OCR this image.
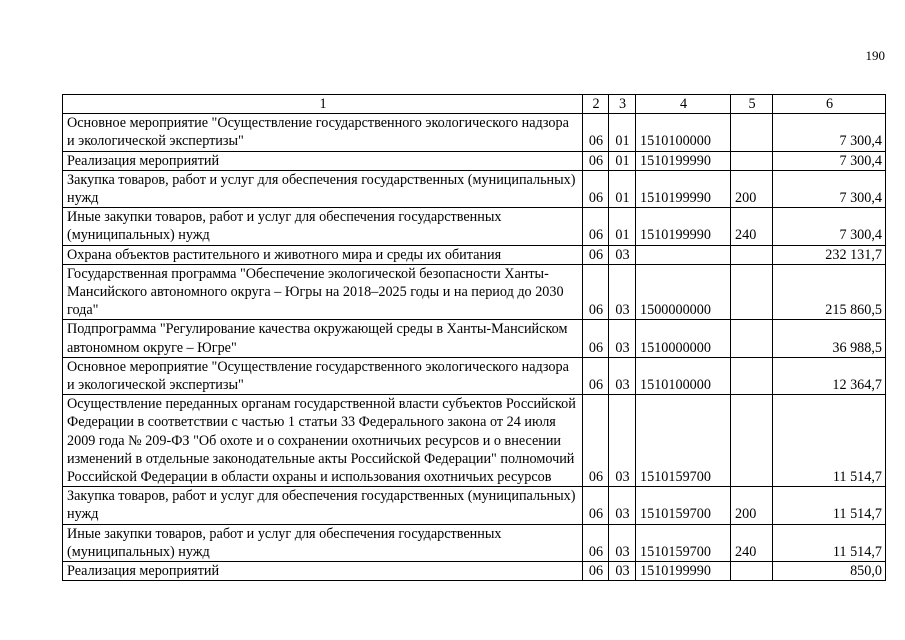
190
1	2	3	4	5	6
Основное мероприятие "Осуществление государственного экологического надзора и экологической экспертизы"	06	01	1510100000		7 300,4
Реализация мероприятий	06	01	1510199990		7 300,4
Закупка товаров, работ и услуг для обеспечения государственных (муниципальных) нужд	06	01	1510199990	200	7 300,4
Иные закупки товаров, работ и услуг для обеспечения государственных (муниципальных) нужд	06	01	1510199990	240	7 300,4
Охрана объектов растительного и животного мира и среды их обитания	06	03			232 131,7
Государственная программа "Обеспечение экологической безопасности Ханты-Мансийского автономного округа – Югры на 2018–2025 годы и на период до 2030 года"	06	03	1500000000		215 860,5
Подпрограмма "Регулирование качества окружающей среды в Ханты-Мансийском автономном округе – Югре"	06	03	1510000000		36 988,5
Основное мероприятие "Осуществление государственного экологического надзора и экологической экспертизы"	06	03	1510100000		12 364,7
Осуществление переданных органам государственной власти субъектов Российской Федерации в соответствии с частью 1 статьи 33 Федерального закона от 24 июля 2009 года № 209-ФЗ "Об охоте и о сохранении охотничьих ресурсов и о внесении изменений в отдельные законодательные акты Российской Федерации" полномочий Российской Федерации в области охраны и использования охотничьих ресурсов	06	03	1510159700		11 514,7
Закупка товаров, работ и услуг для обеспечения государственных (муниципальных) нужд	06	03	1510159700	200	11 514,7
Иные закупки товаров, работ и услуг для обеспечения государственных (муниципальных) нужд	06	03	1510159700	240	11 514,7
Реализация мероприятий	06	03	1510199990		850,0
